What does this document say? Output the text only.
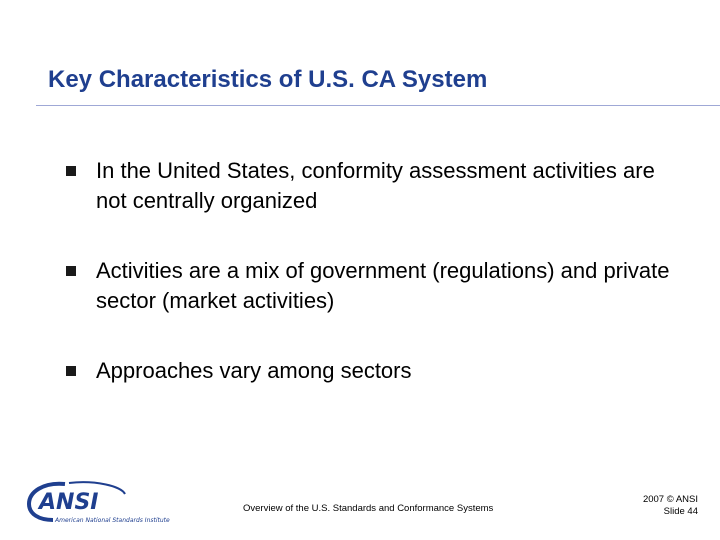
Key Characteristics of U.S. CA System
In the United States, conformity assessment activities are not centrally organized
Activities are a mix of government (regulations) and private sector (market activities)
Approaches vary among sectors
ANSI
American National Standards Institute
Overview of the U.S. Standards and Conformance Systems
2007 © ANSI
Slide 44
